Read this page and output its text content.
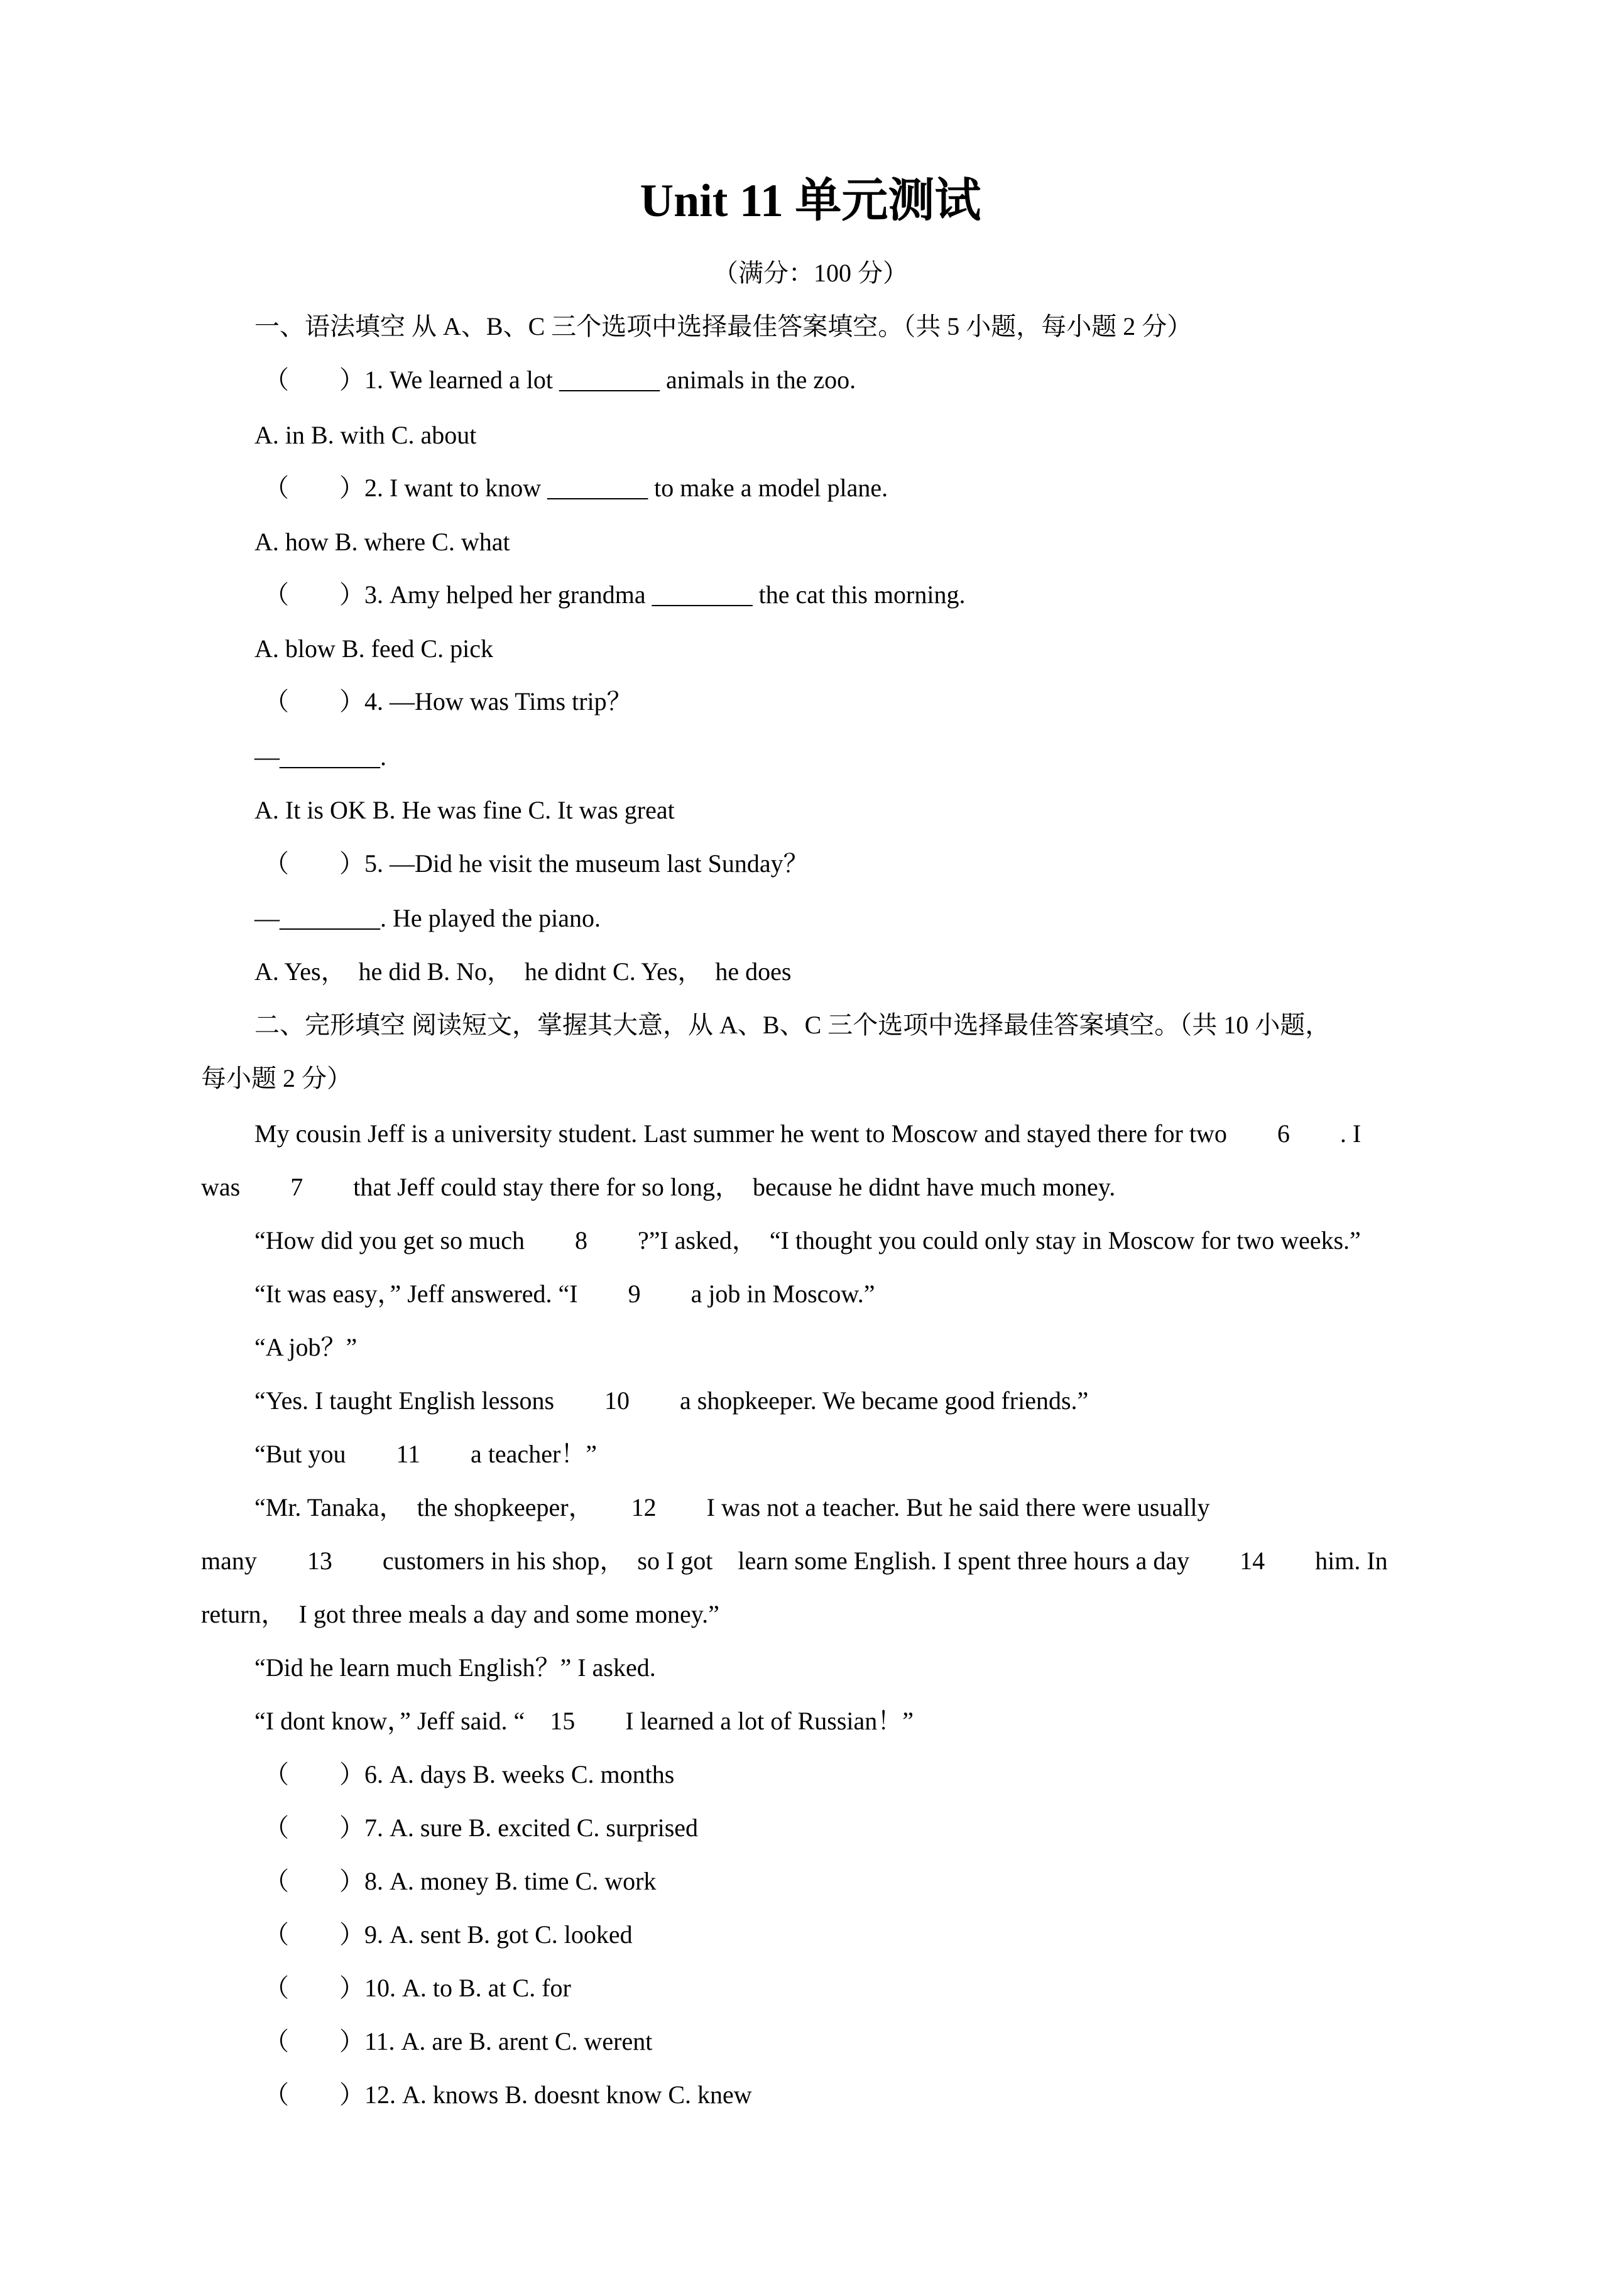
Unit 11 单元测试
（满分：100 分）
一、语法填空 从 A、B、C 三个选项中选择最佳答案填空。（共 5 小题，每小题 2 分）
（　　）1. We learned a lot ________ animals in the zoo.
A. in B. with C. about
（　　）2. I want to know ________ to make a model plane.
A. how B. where C. what
（　　）3. Amy helped her grandma ________ the cat this morning.
A. blow B. feed C. pick
（　　）4. —How was Tims trip？
—________.
A. It is OK B. He was fine C. It was great
（　　）5. —Did he visit the museum last Sunday？
—________. He played the piano.
A. Yes，　he did B. No，　he didnt C. Yes，　he does
二、完形填空 阅读短文，掌握其大意，从 A、B、C 三个选项中选择最佳答案填空。（共 10 小题，
每小题 2 分）
My cousin Jeff is a university student. Last summer he went to Moscow and stayed there for two　　6　　. I
was　　7　　that Jeff could stay there for so long，　because he didnt have much money.
“How did you get so much　　8　　?”I asked，　“I thought you could only stay in Moscow for two weeks.”
“It was easy，” Jeff answered. “I　　9　　a job in Moscow.”
“A job？”
“Yes. I taught English lessons　　10　　a shopkeeper. We became good friends.”
“But you　　11　　a teacher！”
“Mr. Tanaka，　the shopkeeper，　　12　　I was not a teacher. But he said there were usually
many　　13　　customers in his shop，　so I got　learn some English. I spent three hours a day　　14　　him. In
return，　I got three meals a day and some money.”
“Did he learn much English？” I asked.
“I dont know，” Jeff said. “　15　　I learned a lot of Russian！”
（　　）6. A. days B. weeks C. months
（　　）7. A. sure B. excited C. surprised
（　　）8. A. money B. time C. work
（　　）9. A. sent B. got C. looked
（　　）10. A. to B. at C. for
（　　）11. A. are B. arent C. werent
（　　）12. A. knows B. doesnt know C. knew
